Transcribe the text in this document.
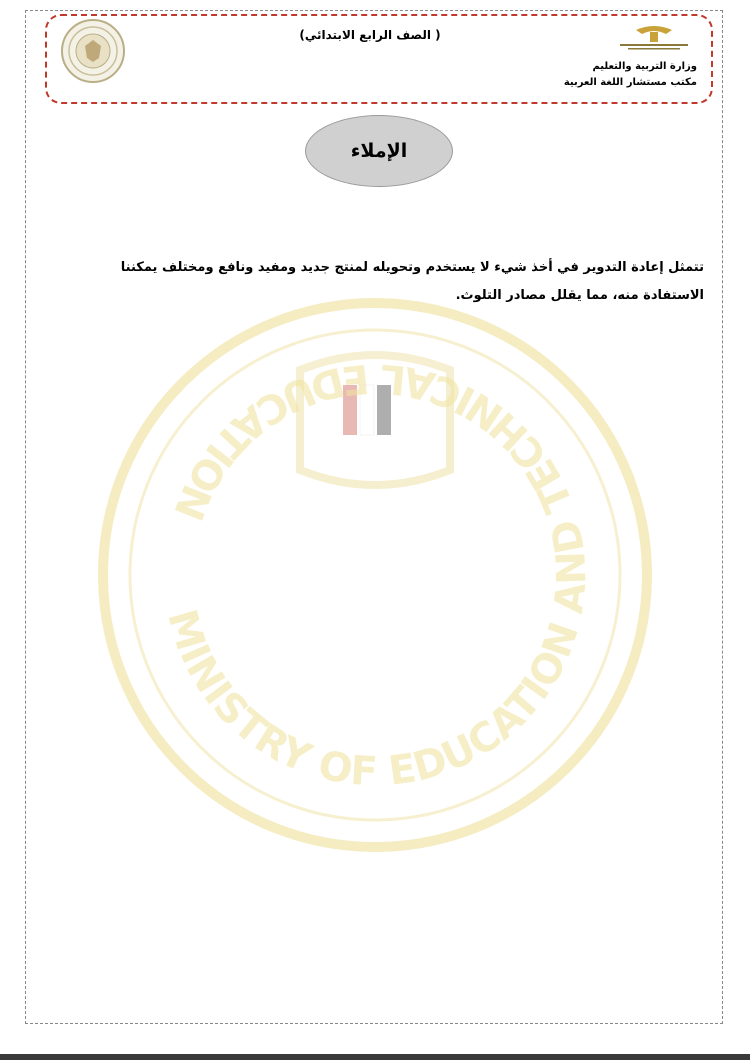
( الصف الرابع الابتدائي)
وزارة التربية والتعليم
مكتب مستشار اللغة العربية
الإملاء
MINISTRY OF EDUCATION AND TECHNICAL EDUCATION
تتمثل إعادة التدوير في أخذ شيء لا يستخدم وتحويله لمنتج جديد ومفيد ونافع ومختلف يمكننا الاستفادة منه، مما يقلل مصادر التلوث.
